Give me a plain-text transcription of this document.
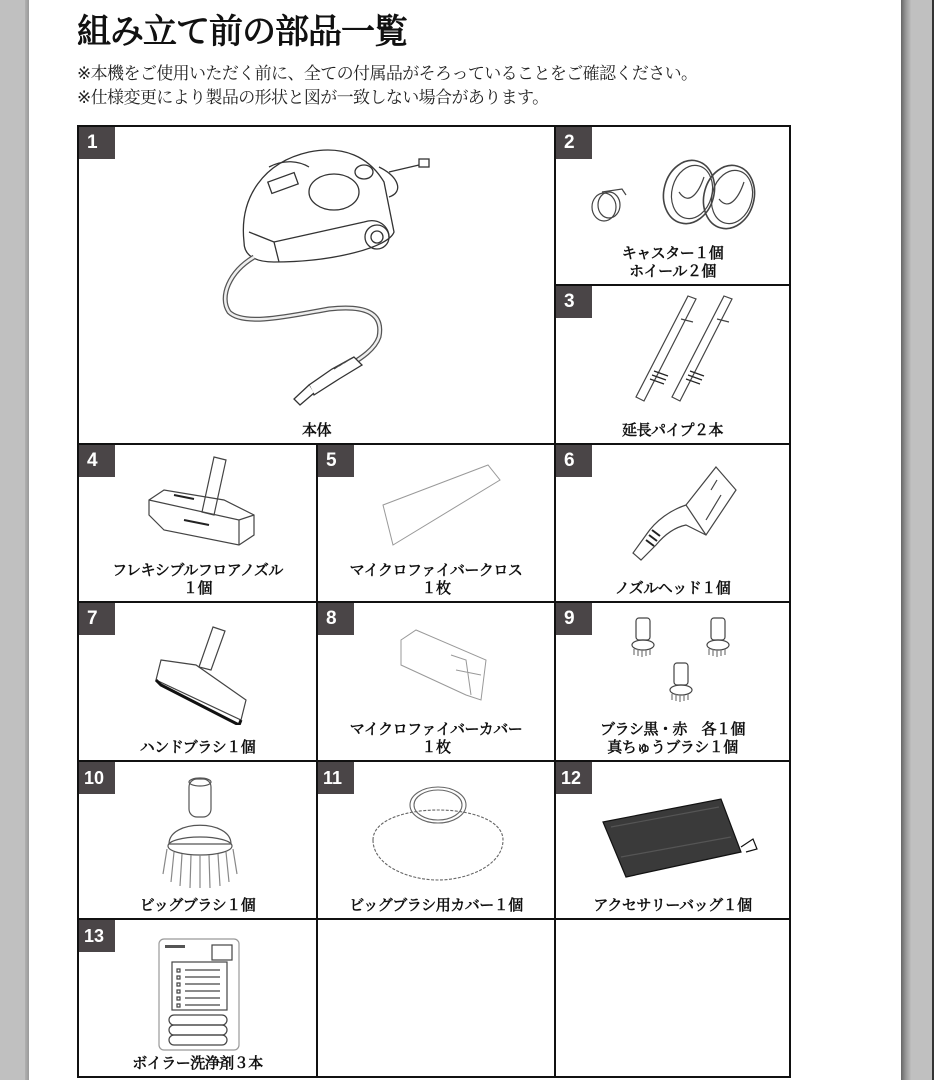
組み立て前の部品一覧

※本機をご使用いただく前に、全ての付属品がそろっていることをご確認ください。

※仕様変更により製品の形状と図が一致しない場合があります。

1
本体
2
キャスター１個
ホイール２個
3
延長パイプ２本
4
フレキシブルフロアノズル
１個
5
マイクロファイバークロス
１枚
6
ノズルヘッド１個
7
ハンドブラシ１個
8
マイクロファイバーカバー
１枚
9
ブラシ黒・赤　各１個
真ちゅうブラシ１個
10
ビッグブラシ１個
11
ビッグブラシ用カバー１個
12
アクセサリーバッグ１個
13
ボイラー洗浄剤３本
